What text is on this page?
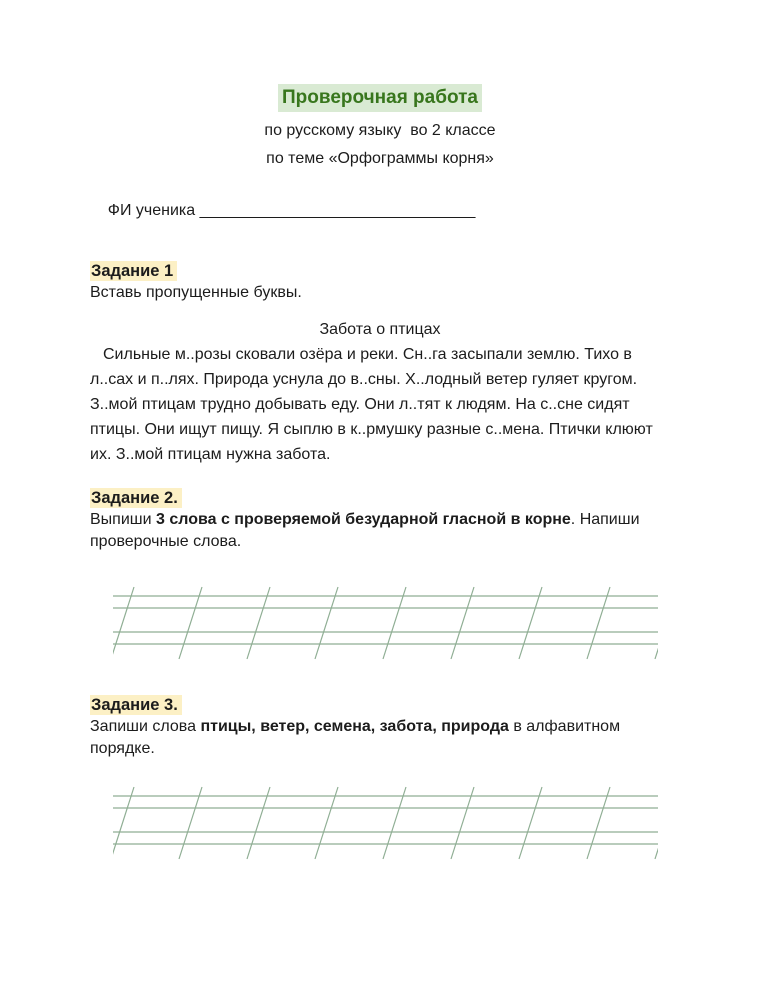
Проверочная работа
по русскому языку  во 2 классе
по теме «Орфограммы корня»

ФИ ученика _______________________________

Задание 1
Вставь пропущенные буквы.
Забота о птицах
Сильные м..розы сковали озёра и реки. Сн..га засыпали землю. Тихо в л..сах и п..лях. Природа уснула до в..сны. Х..лодный ветер гуляет кругом. З..мой птицам трудно добывать еду. Они л..тят к людям. На с..сне сидят птицы. Они ищут пищу. Я сыплю в к..рмушку разные с..мена. Птички клюют их. З..мой птицам нужна забота.
Задание 2.
Выпиши 3 слова с проверяемой безударной гласной в корне. Напиши проверочные слова.
Задание 3.
Запиши слова птицы, ветер, семена, забота, природа в алфавитном порядке.
